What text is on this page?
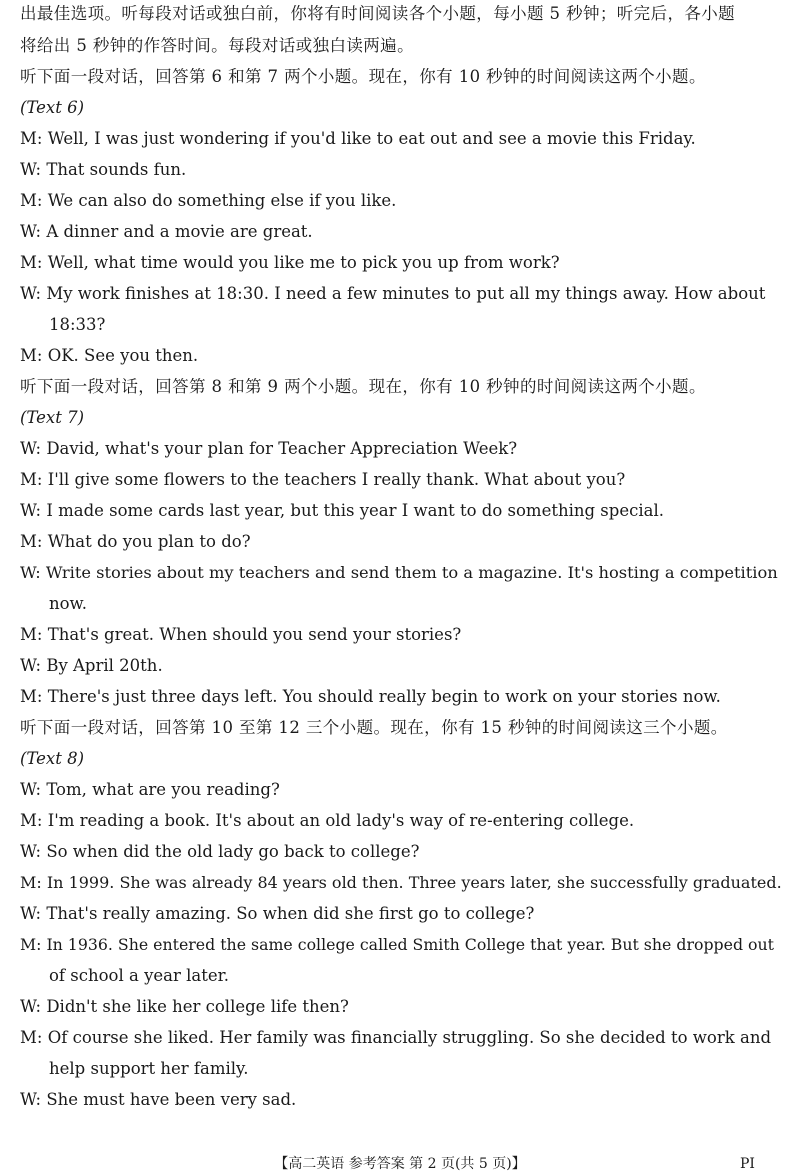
出最佳选项。听每段对话或独白前，你将有时间阅读各个小题，每小题 5 秒钟；听完后，各小题
将给出 5 秒钟的作答时间。每段对话或独白读两遍。
听下面一段对话，回答第 6 和第 7 两个小题。现在，你有 10 秒钟的时间阅读这两个小题。
(Text 6)
M: Well, I was just wondering if you'd like to eat out and see a movie this Friday.
W: That sounds fun.
M: We can also do something else if you like.
W: A dinner and a movie are great.
M: Well, what time would you like me to pick you up from work?
W: My work finishes at 18:30. I need a few minutes to put all my things away. How about
18:33?
M: OK. See you then.
听下面一段对话，回答第 8 和第 9 两个小题。现在，你有 10 秒钟的时间阅读这两个小题。
(Text 7)
W: David, what's your plan for Teacher Appreciation Week?
M: I'll give some flowers to the teachers I really thank. What about you?
W: I made some cards last year, but this year I want to do something special.
M: What do you plan to do?
W: Write stories about my teachers and send them to a magazine. It's hosting a competition
now.
M: That's great. When should you send your stories?
W: By April 20th.
M: There's just three days left. You should really begin to work on your stories now.
听下面一段对话，回答第 10 至第 12 三个小题。现在，你有 15 秒钟的时间阅读这三个小题。
(Text 8)
W: Tom, what are you reading?
M: I'm reading a book. It's about an old lady's way of re-entering college.
W: So when did the old lady go back to college?
M: In 1999. She was already 84 years old then. Three years later, she successfully graduated.
W: That's really amazing. So when did she first go to college?
M: In 1936. She entered the same college called Smith College that year. But she dropped out
of school a year later.
W: Didn't she like her college life then?
M: Of course she liked. Her family was financially struggling. So she decided to work and
help support her family.
W: She must have been very sad.
【高二英语 参考答案 第 2 页(共 5 页)】	PI
